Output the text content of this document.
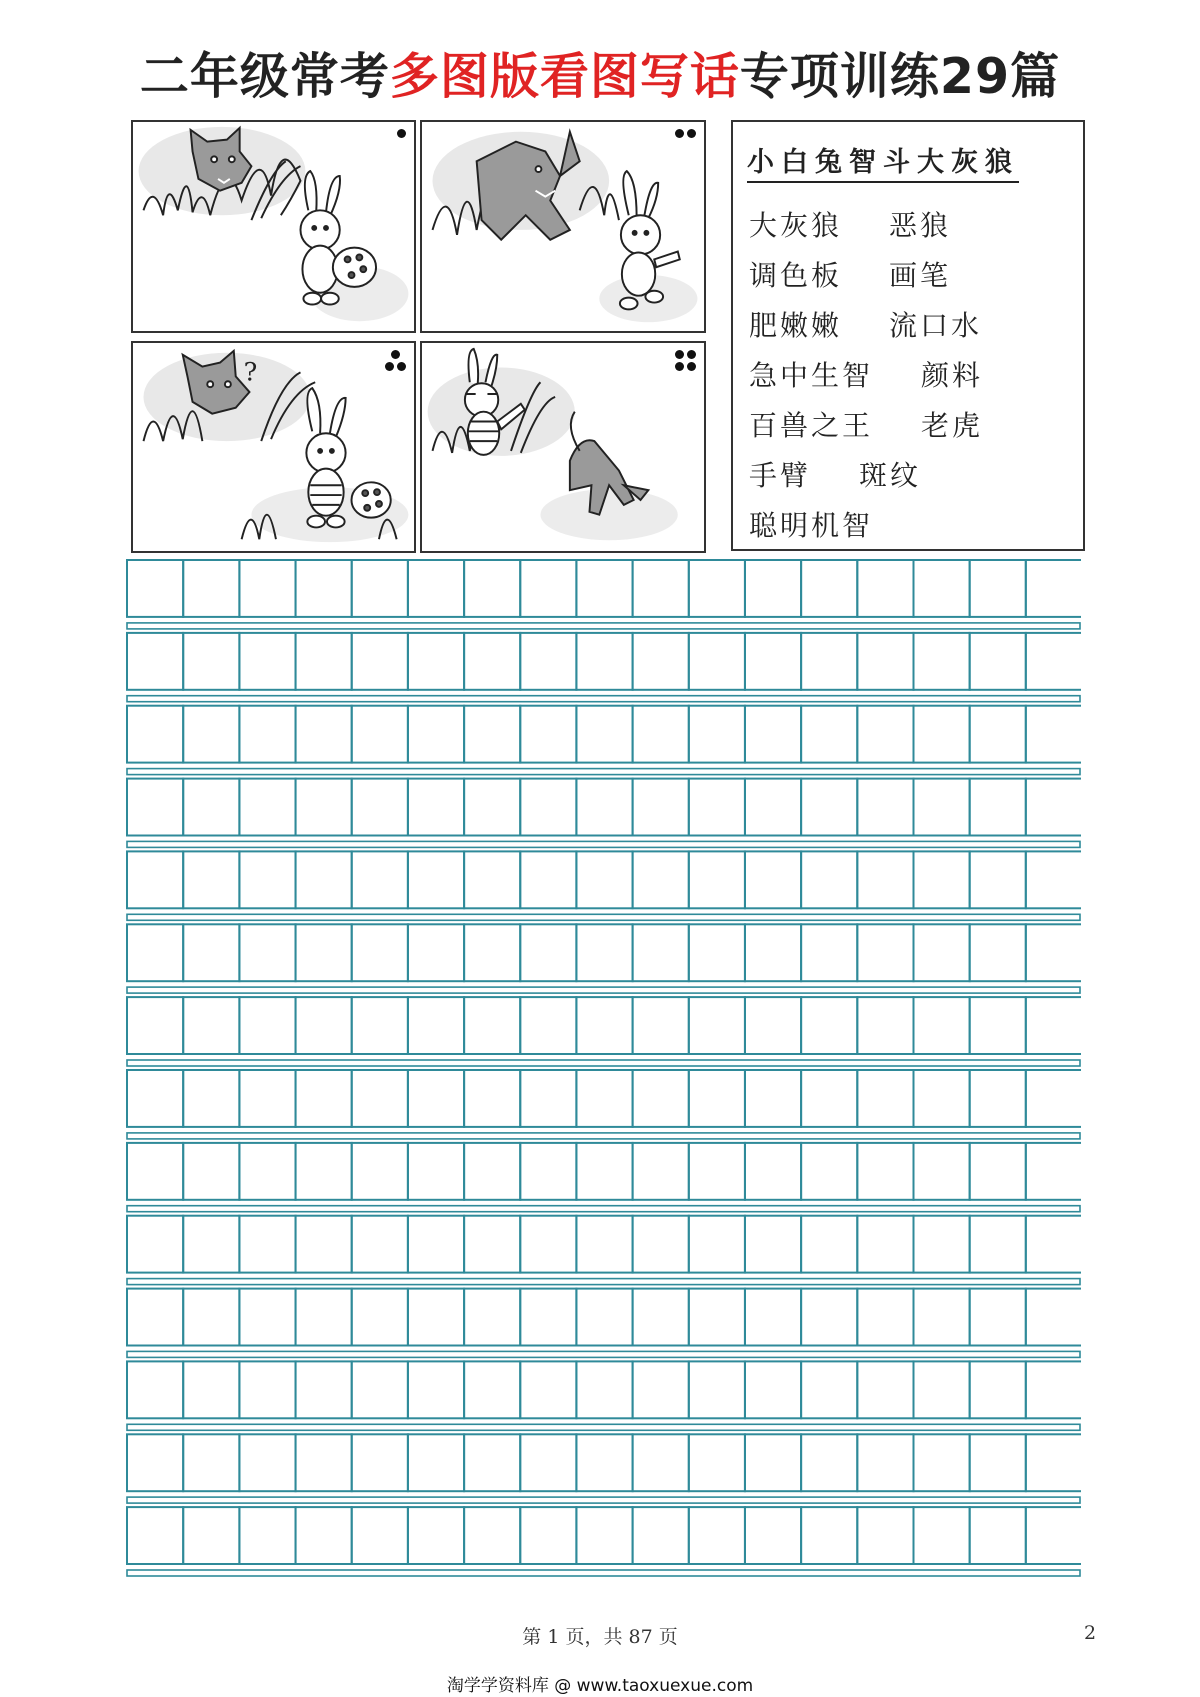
二年级常考多图版看图写话专项训练29篇
?
小白兔智斗大灰狼
大灰狼 恶狼
调色板 画笔
肥嫩嫩 流口水
急中生智 颜料
百兽之王 老虎
手臂 斑纹
聪明机智
第 1 页，共 87 页	2
淘学学资料库 @ www.taoxuexue.com
